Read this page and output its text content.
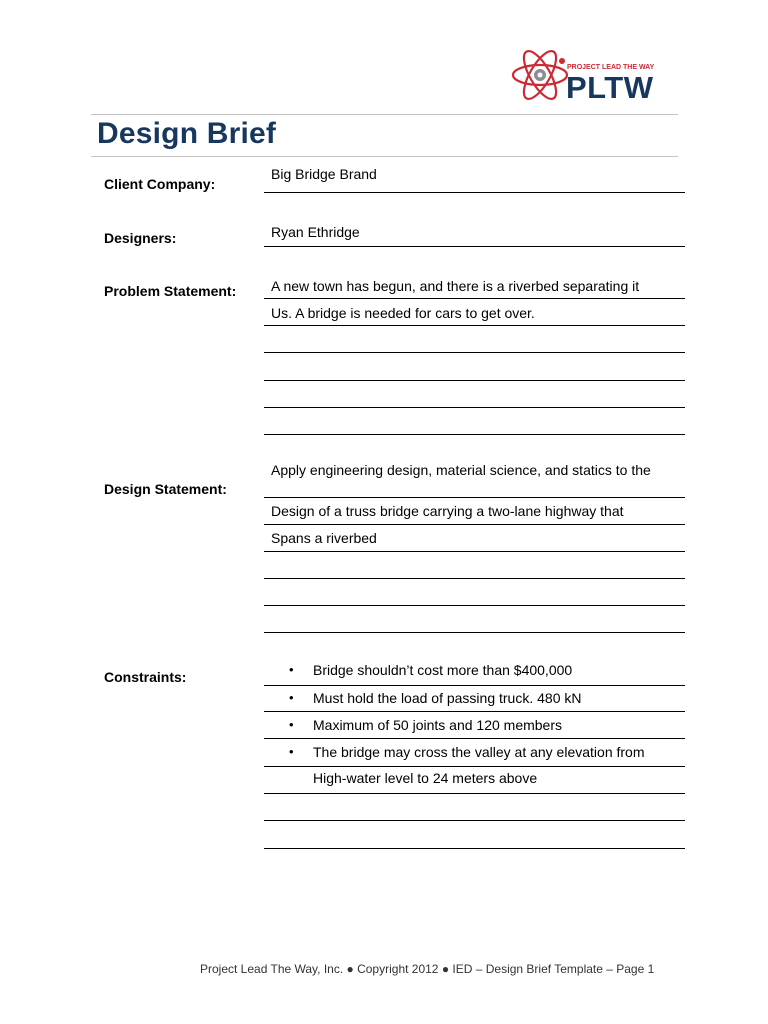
PROJECT LEAD THE WAY
PLTW
Design Brief
Client Company:
Big Bridge Brand
Designers:	Ryan Ethridge
Problem Statement: A new town has begun, and there is a riverbed separating it
Us. A bridge is needed for cars to get over.
Design Statement:
Apply engineering design, material science, and statics to the
Design of a truss bridge carrying a two-lane highway that
Spans a riverbed
Constraints:	• Bridge shouldn’t cost more than $400,000
• Must hold the load of passing truck. 480 kN
• Maximum of 50 joints and 120 members
• The bridge may cross the valley at any elevation from
High-water level to 24 meters above
Project Lead The Way, Inc. ● Copyright 2012 ● IED – Design Brief Template – Page 1
